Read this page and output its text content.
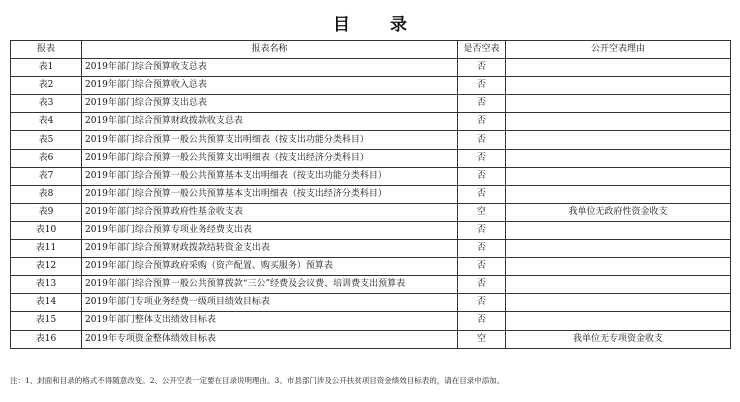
目 录
报表	报表名称	是否空表	公开空表理由
表1	2019年部门综合预算收支总表	否	
表2	2019年部门综合预算收入总表	否	
表3	2019年部门综合预算支出总表	否	
表4	2019年部门综合预算财政拨款收支总表	否	
表5	2019年部门综合预算一般公共预算支出明细表（按支出功能分类科目）	否	
表6	2019年部门综合预算一般公共预算支出明细表（按支出经济分类科目）	否	
表7	2019年部门综合预算一般公共预算基本支出明细表（按支出功能分类科目）	否	
表8	2019年部门综合预算一般公共预算基本支出明细表（按支出经济分类科目）	否	
表9	2019年部门综合预算政府性基金收支表	空	我单位无政府性资金收支
表10	2019年部门综合预算专项业务经费支出表	否	
表11	2019年部门综合预算财政拨款结转资金支出表	否	
表12	2019年部门综合预算政府采购（资产配置、购买服务）预算表	否	
表13	2019年部门综合预算一般公共预算拨款“三公”经费及会议费、培训费支出预算表	否	
表14	2019年部门专项业务经费一级项目绩效目标表	否	
表15	2019年部门整体支出绩效目标表	否	
表16	2019年专项资金整体绩效目标表	空	我单位无专项资金收支
注：1、封面和目录的格式不得随意改变。2、公开空表一定要在目录说明理由。3、市县部门涉及公开扶贫项目资金绩效目标表的，请在目录中添加。
